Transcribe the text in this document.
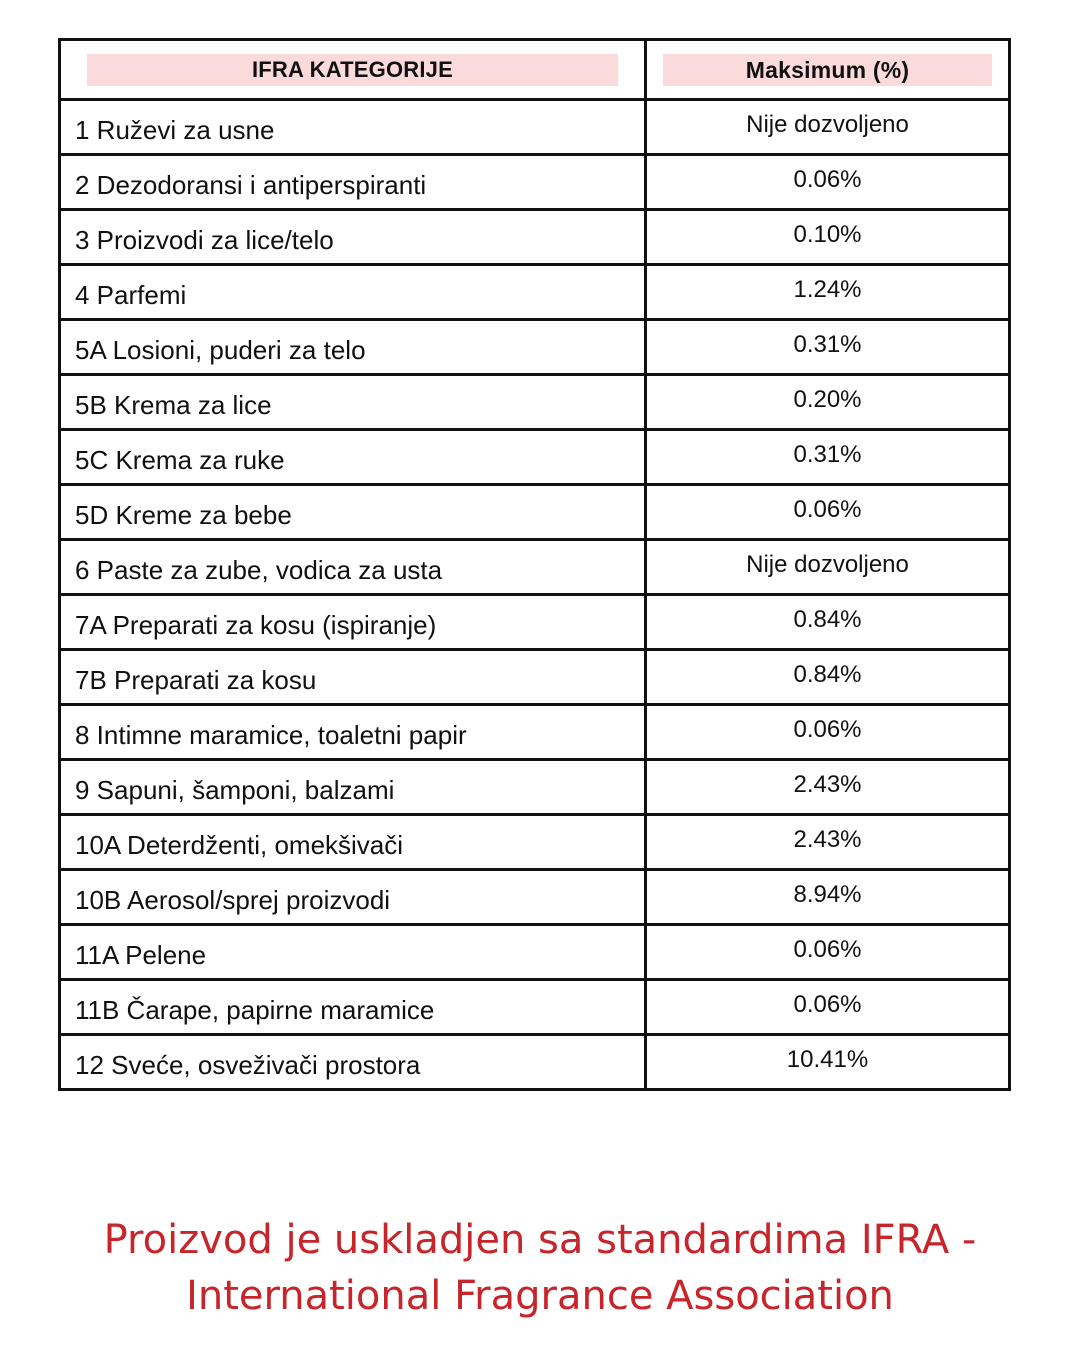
IFRA KATEGORIJE	Maksimum (%)

1 Ruževi za usne	Nije dozvoljeno
2 Dezodoransi i antiperspiranti	0.06%
3 Proizvodi za lice/telo	0.10%
4 Parfemi	1.24%
5A Losioni, puderi za telo	0.31%
5B Krema za lice	0.20%
5C Krema za ruke	0.31%
5D Kreme za bebe	0.06%
6 Paste za zube, vodica za usta	Nije dozvoljeno
7A Preparati za kosu (ispiranje)	0.84%
7B Preparati za kosu	0.84%
8 Intimne maramice, toaletni papir	0.06%
9 Sapuni, šamponi, balzami	2.43%
10A Deterdženti, omekšivači	2.43%
10B Aerosol/sprej proizvodi	8.94%
11A Pelene	0.06%
11B Čarape, papirne maramice	0.06%
12 Sveće, osveživači prostora	10.41%
Proizvod je uskladjen sa standardima IFRA -
International Fragrance Association
